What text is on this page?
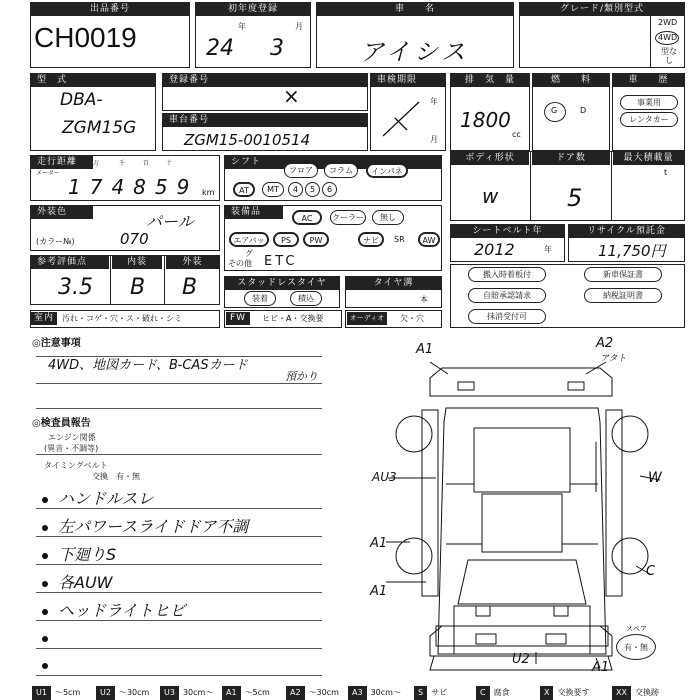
出品番号
CH0019
初年度登録
年	月
24 3
車　　名
アイシス
グレード/類別型式
2WD
4WD
型なし
型　式
DBA-
ZGM15G
登録番号
×
車検期限
年
月
車台番号
ZGM15-0010514
排　気　量
1800
cc
燃　　料
G	D
車　　歴
事業用
レンタカー
走行距離
メーター
万	千	百	十
174859 km
シフト
フロア	コラム	インパネ
AT	MT	4	5	6
ボディ形状	ドア数	最大積載量
w	5
t
外装色	パール
(カラー№)	070
装備品
AC	クーラー	無し
エアバッグ
PS	PW	ナビ	SR	AW
その他 ETC
シートベルト年
2012	年
リサイクル預託金
11,750円
参考評価点	内装	外装
3.5 B B	スタッドレスタイヤ
装着	積込
タイヤ溝
本
搬入時着板付	新車保証書
自賠承認請求	納税証明書
抹消受付可
室内	汚れ・コゲ・穴・ス・破れ・シミ	FW	ヒビ・A・交換要	オーディオ	欠・穴
◎注意事項
4WD、地図カード、B-CASカード
預かり
◎検査員報告
エンジン関係
(異音・不調等)
タイミングベルト
交換　有・無
ハンドルスレ
左パワースライドドア不調
下廻りS
各AUW
ヘッドライトヒビ
A1	A2
アタト
AU3	W
A1
A1
C
U2
A1
スペア
有・無
U1 〜5cm	U2 〜30cm	U3 30cm〜	A1 〜5cm	A2 〜30cm	A3 30cm〜	S サビ	C 腐食	X 交換要す	XX 交換跡
